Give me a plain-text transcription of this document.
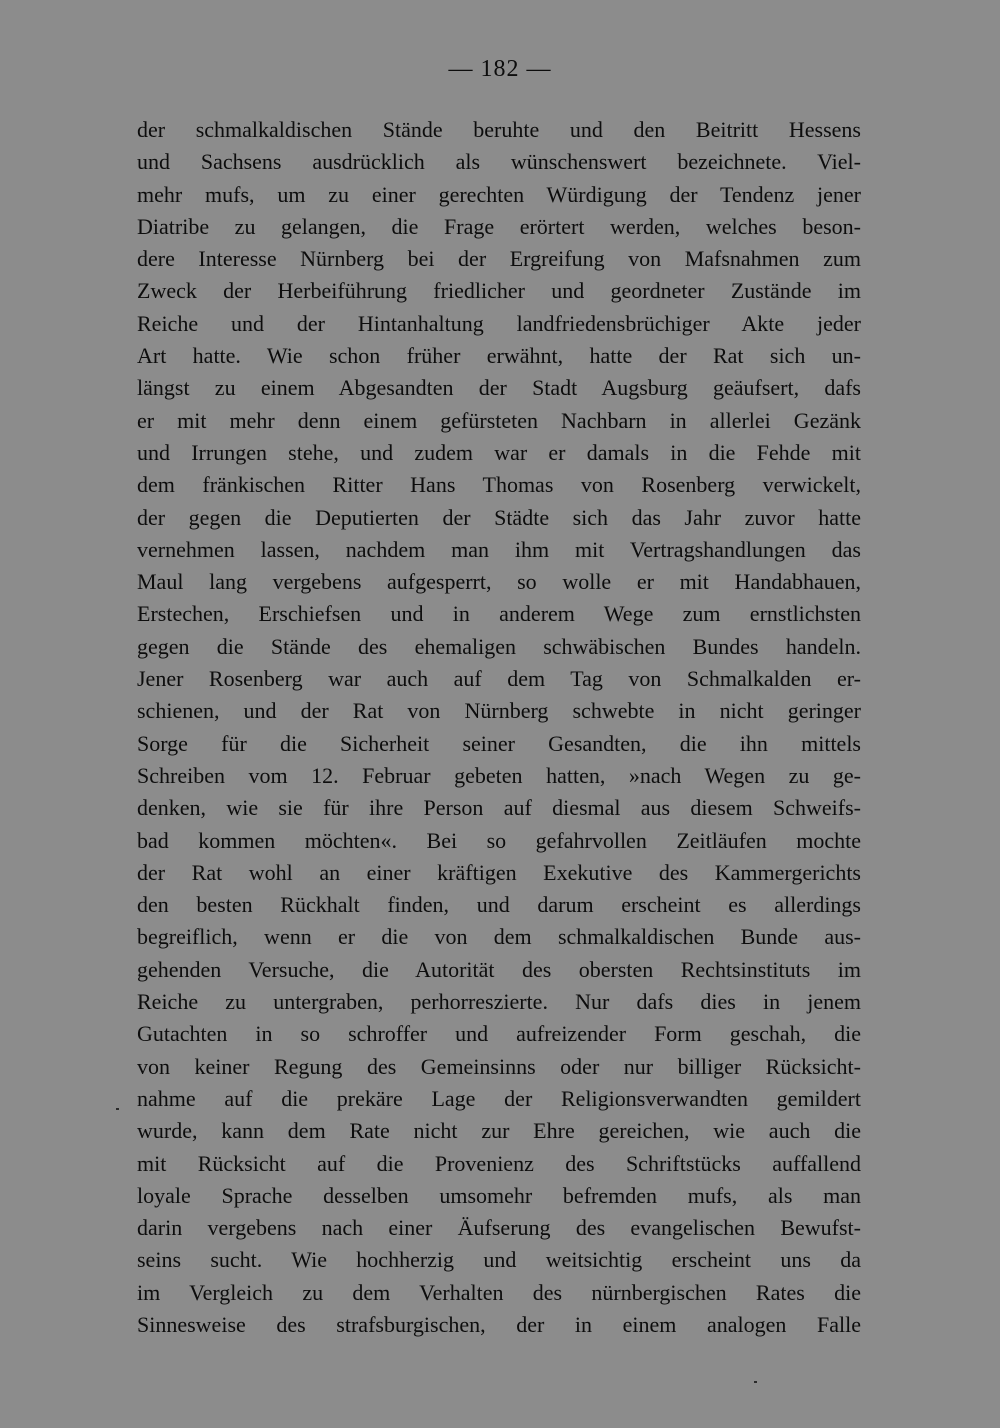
— 182 —
der schmalkaldischen Stände beruhte und den Beitritt Hessens
und Sachsens ausdrücklich als wünschenswert bezeichnete. Viel-
mehr mufs, um zu einer gerechten Würdigung der Tendenz jener
Diatribe zu gelangen, die Frage erörtert werden, welches beson-
dere Interesse Nürnberg bei der Ergreifung von Mafsnahmen zum
Zweck der Herbeiführung friedlicher und geordneter Zustände im
Reiche und der Hintanhaltung landfriedensbrüchiger Akte jeder
Art hatte. Wie schon früher erwähnt, hatte der Rat sich un-
längst zu einem Abgesandten der Stadt Augsburg geäufsert, dafs
er mit mehr denn einem gefürsteten Nachbarn in allerlei Gezänk
und Irrungen stehe, und zudem war er damals in die Fehde mit
dem fränkischen Ritter Hans Thomas von Rosenberg verwickelt,
der gegen die Deputierten der Städte sich das Jahr zuvor hatte
vernehmen lassen, nachdem man ihm mit Vertragshandlungen das
Maul lang vergebens aufgesperrt, so wolle er mit Handabhauen,
Erstechen, Erschiefsen und in anderem Wege zum ernstlichsten
gegen die Stände des ehemaligen schwäbischen Bundes handeln.
Jener Rosenberg war auch auf dem Tag von Schmalkalden er-
schienen, und der Rat von Nürnberg schwebte in nicht geringer
Sorge für die Sicherheit seiner Gesandten, die ihn mittels
Schreiben vom 12. Februar gebeten hatten, »nach Wegen zu ge-
denken, wie sie für ihre Person auf diesmal aus diesem Schweifs-
bad kommen möchten«. Bei so gefahrvollen Zeitläufen mochte
der Rat wohl an einer kräftigen Exekutive des Kammergerichts
den besten Rückhalt finden, und darum erscheint es allerdings
begreiflich, wenn er die von dem schmalkaldischen Bunde aus-
gehenden Versuche, die Autorität des obersten Rechtsinstituts im
Reiche zu untergraben, perhorreszierte. Nur dafs dies in jenem
Gutachten in so schroffer und aufreizender Form geschah, die
von keiner Regung des Gemeinsinns oder nur billiger Rücksicht-
nahme auf die prekäre Lage der Religionsverwandten gemildert
wurde, kann dem Rate nicht zur Ehre gereichen, wie auch die
mit Rücksicht auf die Provenienz des Schriftstücks auffallend
loyale Sprache desselben umsomehr befremden mufs, als man
darin vergebens nach einer Äufserung des evangelischen Bewufst-
seins sucht. Wie hochherzig und weitsichtig erscheint uns da
im Vergleich zu dem Verhalten des nürnbergischen Rates die
Sinnesweise des strafsburgischen, der in einem analogen Falle
